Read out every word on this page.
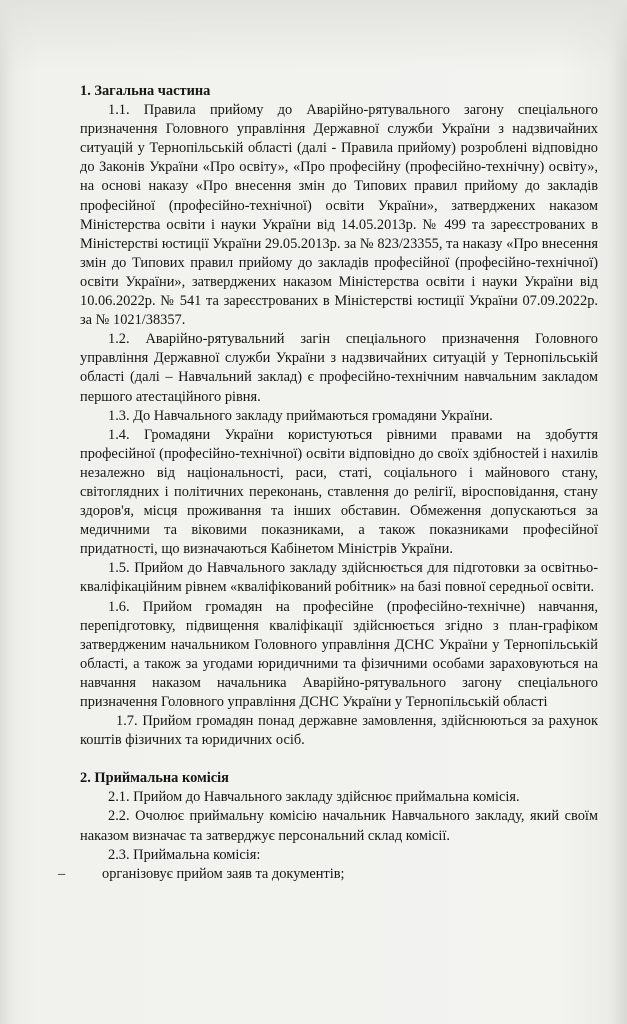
1. Загальна частина

1.1. Правила прийому до Аварійно-рятувального загону спеціального призначення Головного управління Державної служби України з надзвичайних ситуацій у Тернопільській області (далі - Правила прийому) розроблені відповідно до Законів України «Про освіту», «Про професійну (професійно-технічну) освіту», на основі наказу «Про внесення змін до Типових правил прийому до закладів професійної (професійно-технічної) освіти України», затверджених наказом Міністерства освіти і науки України від 14.05.2013р. № 499 та зареєстрованих в Міністерстві юстиції України 29.05.2013р. за № 823/23355, та наказу «Про внесення змін до Типових правил прийому до закладів професійної (професійно-технічної) освіти України», затверджених наказом Міністерства освіти і науки України від 10.06.2022р. № 541 та зареєстрованих в Міністерстві юстиції України 07.09.2022р. за № 1021/38357.

1.2. Аварійно-рятувальний загін спеціального призначення Головного управління Державної служби України з надзвичайних ситуацій у Тернопільській області (далі – Навчальний заклад) є професійно-технічним навчальним закладом першого атестаційного рівня.

1.3. До Навчального закладу приймаються громадяни України.

1.4. Громадяни України користуються рівними правами на здобуття професійної (професійно-технічної) освіти відповідно до своїх здібностей і нахилів незалежно від національності, раси, статі, соціального і майнового стану, світоглядних і політичних переконань, ставлення до релігії, віросповідання, стану здоров'я, місця проживання та інших обставин. Обмеження допускаються за медичними та віковими показниками, а також показниками професійної придатності, що визначаються Кабінетом Міністрів України.

1.5. Прийом до Навчального закладу здійснюється для підготовки за освітньо-кваліфікаційним рівнем «кваліфікований робітник» на базі повної середньої освіти.

1.6. Прийом громадян на професійне (професійно-технічне) навчання, перепідготовку, підвищення кваліфікації здійснюється згідно з план-графіком затвердженим начальником Головного управління ДСНС України у Тернопільській області, а також за угодами юридичними та фізичними особами зараховуються на навчання наказом начальника Аварійно-рятувального загону спеціального призначення Головного управління ДСНС України у Тернопільській області

1.7. Прийом громадян понад державне замовлення, здійснюються за рахунок коштів фізичних та юридичних осіб.

2. Приймальна комісія

2.1. Прийом до Навчального закладу здійснює приймальна комісія.

2.2. Очолює приймальну комісію начальник Навчального закладу, який своїм наказом визначає та затверджує персональний склад комісії.

2.3. Приймальна комісія:

–	організовує прийом заяв та документів;
